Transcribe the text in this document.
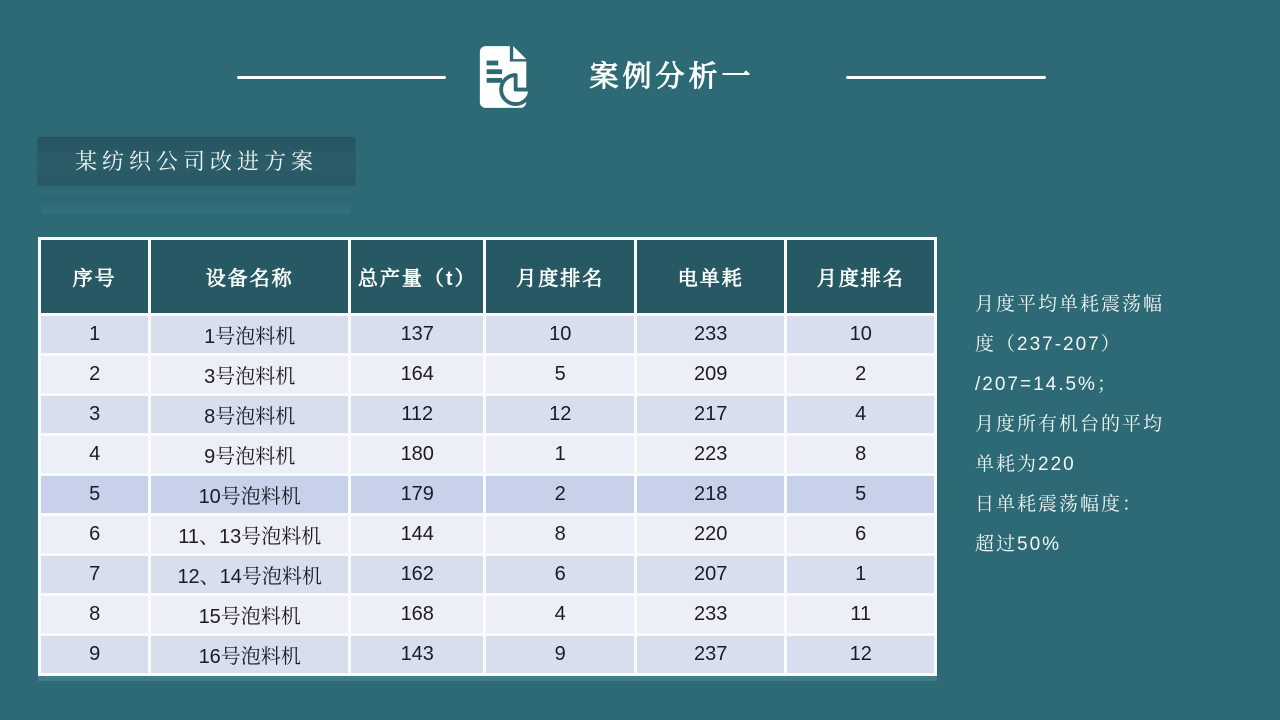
案例分析一
某纺织公司改进方案
序号	设备名称	总产量（t）	月度排名	电单耗	月度排名
1	1号泡料机	137	10	233	10
2	3号泡料机	164	5	209	2
3	8号泡料机	112	12	217	4
4	9号泡料机	180	1	223	8
5	10号泡料机	179	2	218	5
6	11、13号泡料机	144	8	220	6
7	12、14号泡料机	162	6	207	1
8	15号泡料机	168	4	233	11
9	16号泡料机	143	9	237	12
月度平均单耗震荡幅
度（237-207）
/207=14.5%；
月度所有机台的平均
单耗为220
日单耗震荡幅度：
超过50%
